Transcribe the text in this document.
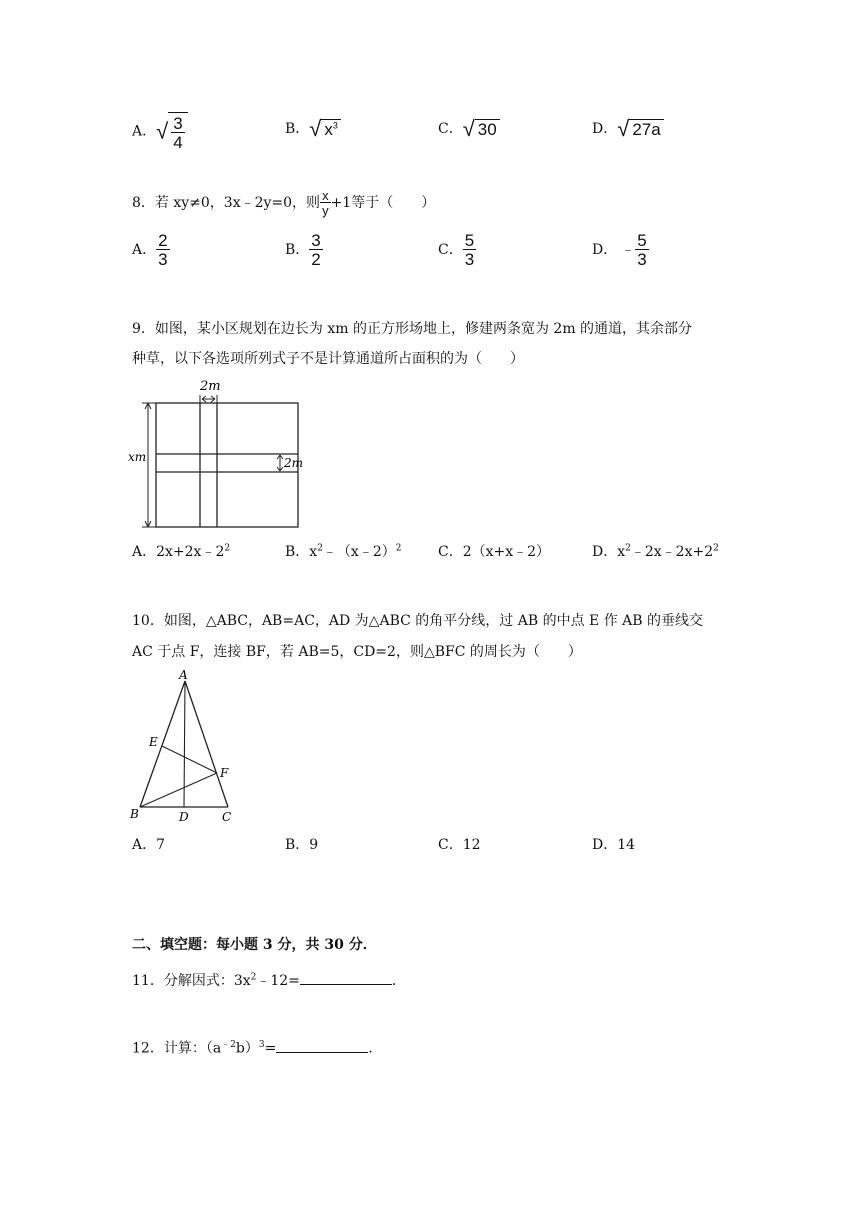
A．√ $\frac{3}{4}$	B．√ $x^3$	C．√ 30	D．√ 27a
8．若 xy≠0，3x﹣2y=0，则 $\frac{x}{y} +1$等于（　　）
A． $\frac{2}{3}$	B． $\frac{3}{2}$	C． $\frac{5}{3}$	D． ﹣ $\frac{5}{3}$
9．如图，某小区规划在边长为 xm 的正方形场地上，修建两条宽为 2m 的通道，其余部分
种草，以下各选项所列式子不是计算通道所占面积的为（　　）
2m
xm	2m
A．$2x+2x﹣2^2$	B．$x^2﹣(x﹣2)^2$	C．2（x+x﹣2）	D．$x^2﹣2x﹣2x+2^2$
10．如图，△ABC，AB=AC，AD 为△ABC 的角平分线，过 AB 的中点 E 作 AB 的垂线交
AC 于点 F，连接 BF，若 AB=5，CD=2，则△BFC 的周长为（　　）
A
E
F
B	D	C
A．7	B．9	C．12	D．14
二、填空题：每小题 3 分，共 30 分．
11．分解因式：$3x^2﹣12=$	．
12．计算：$(a^{﹣2}b)^3=$	．
